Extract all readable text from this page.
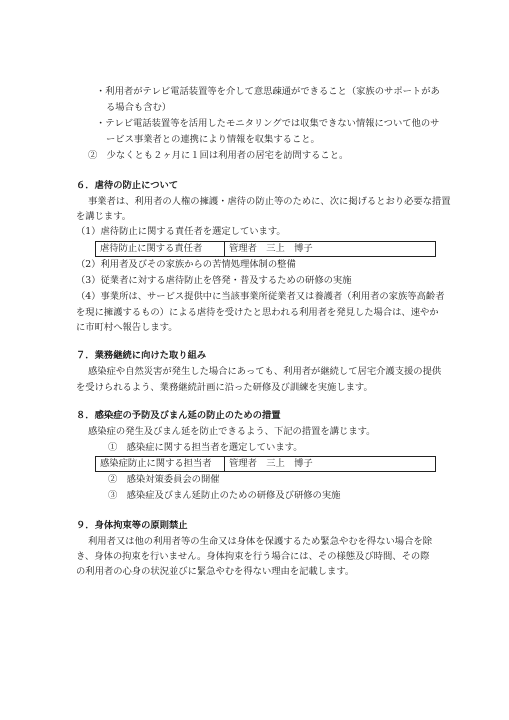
・利用者がテレビ電話装置等を介して意思疎通ができること（家族のサポートがあ
る場合も含む）
・テレビ電話装置等を活用したモニタリングでは収集できない情報について他のサ
ービス事業者との連携により情報を収集すること。
②　少なくとも２ヶ月に１回は利用者の居宅を訪問すること。
６．虐待の防止について
事業者は、利用者の人権の擁護・虐待の防止等のために、次に掲げるとおり必要な措置
を講じます。
（1）虐待防止に関する責任者を選定しています。
虐待防止に関する責任者	管理者　三上　博子
（2）利用者及びその家族からの苦情処理体制の整備
（3）従業者に対する虐待防止を啓発・普及するための研修の実施
（4）事業所は、サービス提供中に当該事業所従業者又は養護者（利用者の家族等高齢者
を現に擁護するもの）による虐待を受けたと思われる利用者を発見した場合は、速やか
に市町村へ報告します。
７．業務継続に向けた取り組み
感染症や自然災害が発生した場合にあっても、利用者が継続して居宅介護支援の提供
を受けられるよう、業務継続計画に沿った研修及び訓練を実施します。
８．感染症の予防及びまん延の防止のための措置
感染症の発生及びまん延を防止できるよう、下記の措置を講じます。
①　感染症に関する担当者を選定しています。
感染症防止に関する担当者	管理者　三上　博子
②　感染対策委員会の開催
③　感染症及びまん延防止のための研修及び研修の実施
９．身体拘束等の原則禁止
利用者又は他の利用者等の生命又は身体を保護するため緊急やむを得ない場合を除
き、身体の拘束を行いません。身体拘束を行う場合には、その様態及び時間、その際
の利用者の心身の状況並びに緊急やむを得ない理由を記載します。
